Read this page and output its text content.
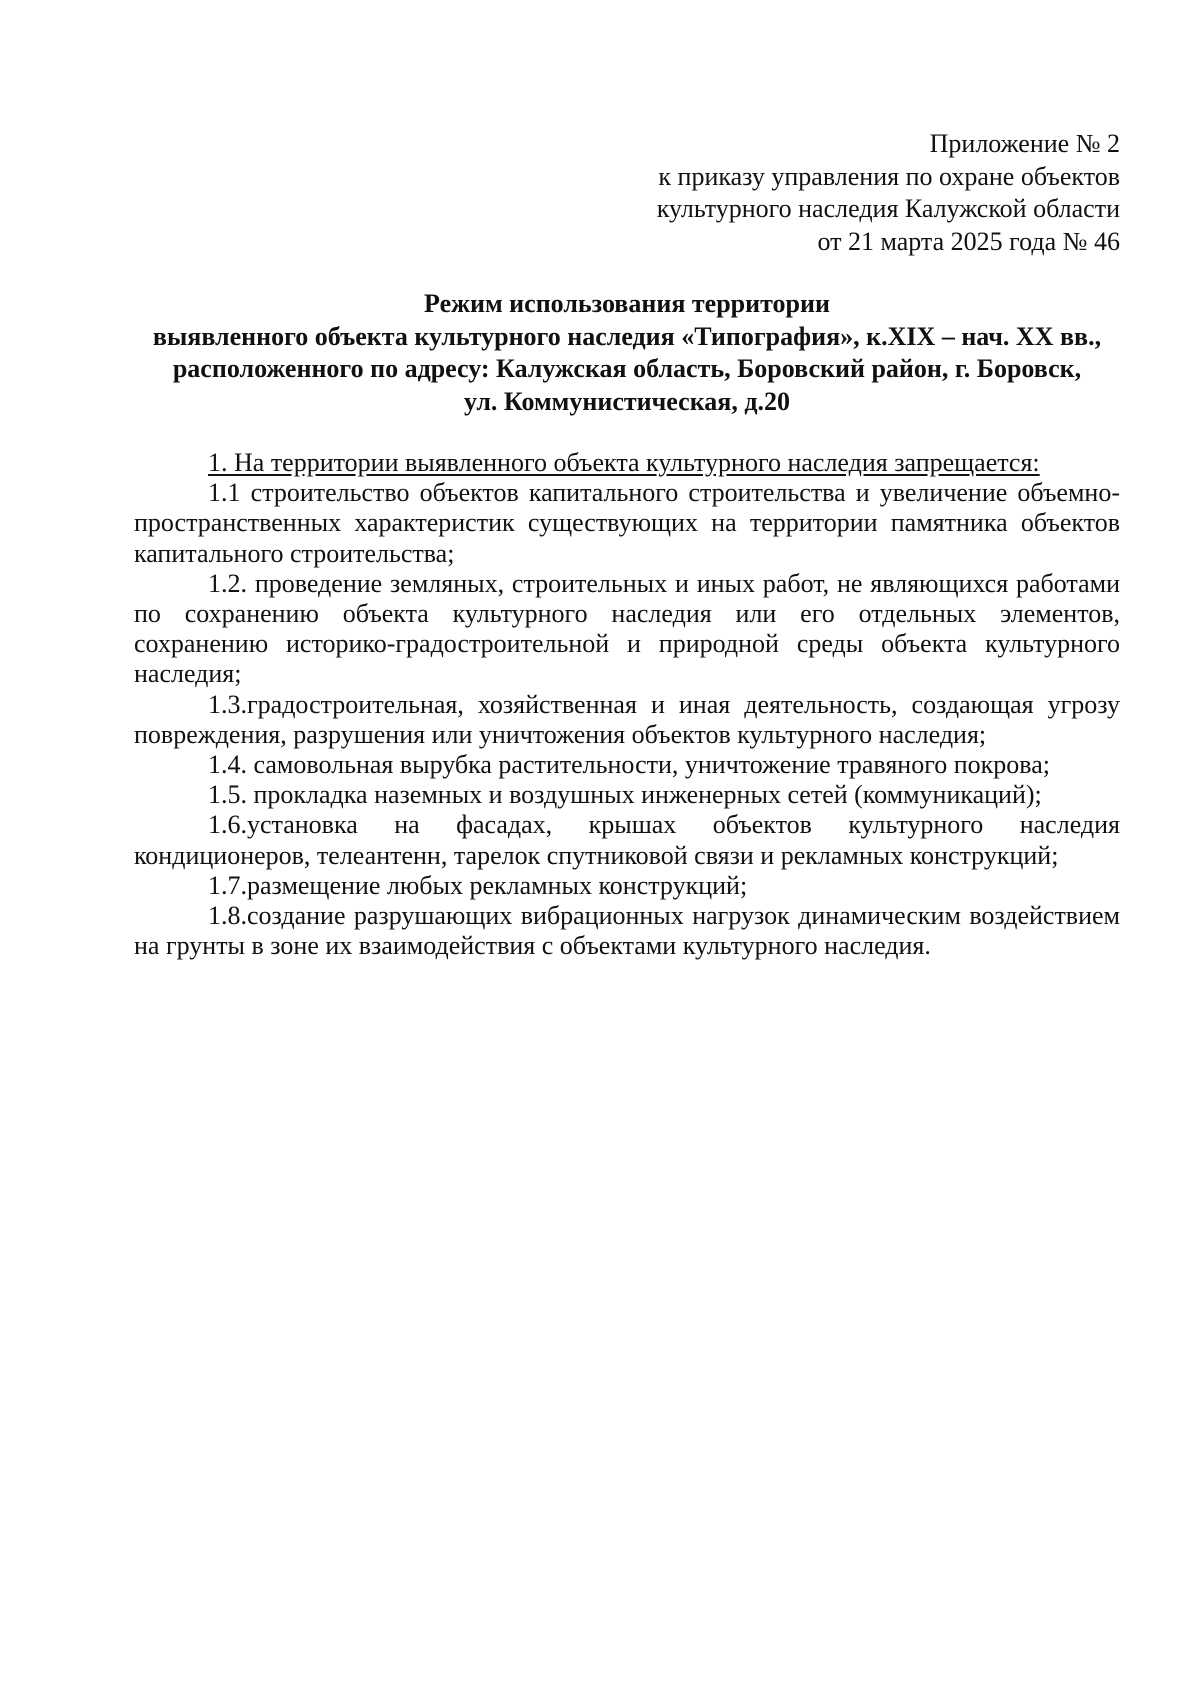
Приложение № 2
к приказу управления по охране объектов
культурного наследия Калужской области
от 21 марта 2025 года № 46
Режим использования территории
выявленного объекта культурного наследия «Типография», к.XIX – нач. XX вв.,
расположенного по адресу: Калужская область, Боровский район, г. Боровск,
ул. Коммунистическая, д.20

1. На территории выявленного объекта культурного наследия запрещается:

1.1 строительство объектов капитального строительства и увеличение объемно-пространственных характеристик существующих на территории памятника объектов капитального строительства;

1.2. проведение земляных, строительных и иных работ, не являющихся работами по сохранению объекта культурного наследия или его отдельных элементов, сохранению историко-градостроительной и природной среды объекта культурного наследия;

1.3.градостроительная, хозяйственная и иная деятельность, создающая угрозу повреждения, разрушения или уничтожения объектов культурного наследия;

1.4. самовольная вырубка растительности, уничтожение травяного покрова;

1.5. прокладка наземных и воздушных инженерных сетей (коммуникаций);

1.6.установка на фасадах, крышах объектов культурного наследия кондиционеров, телеантенн, тарелок спутниковой связи и рекламных конструкций;

1.7.размещение любых рекламных конструкций;

1.8.создание разрушающих вибрационных нагрузок динамическим воздействием на грунты в зоне их взаимодействия с объектами культурного наследия.
